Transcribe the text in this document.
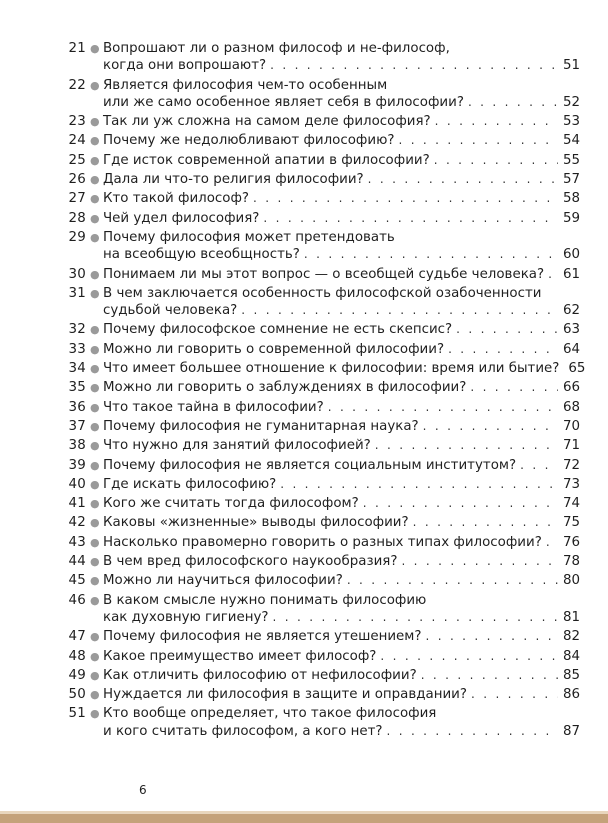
21 ● Вопрошают ли о разном философ и не-философ,
когда они вопрошают? . . .	51
22 ● Является философия чем-то особенным
или же само особенное являет себя в философии? . . .	52
23 ● Так ли уж сложна на самом деле философия? . . .	53
24 ● Почему же недолюбливают философию? . . .	54
25 ● Где исток современной апатии в философии? . . .	55
26 ● Дала ли что-то религия философии? . . .	57
27 ● Кто такой философ? . . .	58
28 ● Чей удел философия? . . .	59
29 ● Почему философия может претендовать
на всеобщую всеобщность? . . .	60
30 ● Понимаем ли мы этот вопрос — о всеобщей судьбе человека? . . . 61
31 ● В чем заключается особенность философской озабоченности
судьбой человека? . . .	62
32 ● Почему философское сомнение не есть скепсис? . . .	63
33 ● Можно ли говорить о современной философии? . . .	64
34 ● Что имеет большее отношение к философии: время или бытие? 65
35 ● Можно ли говорить о заблуждениях в философии? . . .	66
36 ● Что такое тайна в философии? . . .	68
37 ● Почему философия не гуманитарная наука? . . .	70
38 ● Что нужно для занятий философией? . . .	71
39 ● Почему философия не является социальным институтом? . . .	72
40 ● Где искать философию? . . .	73
41 ● Кого же считать тогда философом? . . .	74
42 ● Каковы «жизненные» выводы философии? . . .	75
43 ● Насколько правомерно говорить о разных типах философии? . . . 76
44 ● В чем вред философского наукообразия? . . .	78
45 ● Можно ли научиться философии? . . .	80
46 ● В каком смысле нужно понимать философию
как духовную гигиену? . . .	81
47 ● Почему философия не является утешением? . . .	82
48 ● Какое преимущество имеет философ? . . .	84
49 ● Как отличить философию от нефилософии? . . .	85
50 ● Нуждается ли философия в защите и оправдании? . . .	86
51 ● Кто вообще определяет, что такое философия
и кого считать философом, а кого нет? . . .	87
6
